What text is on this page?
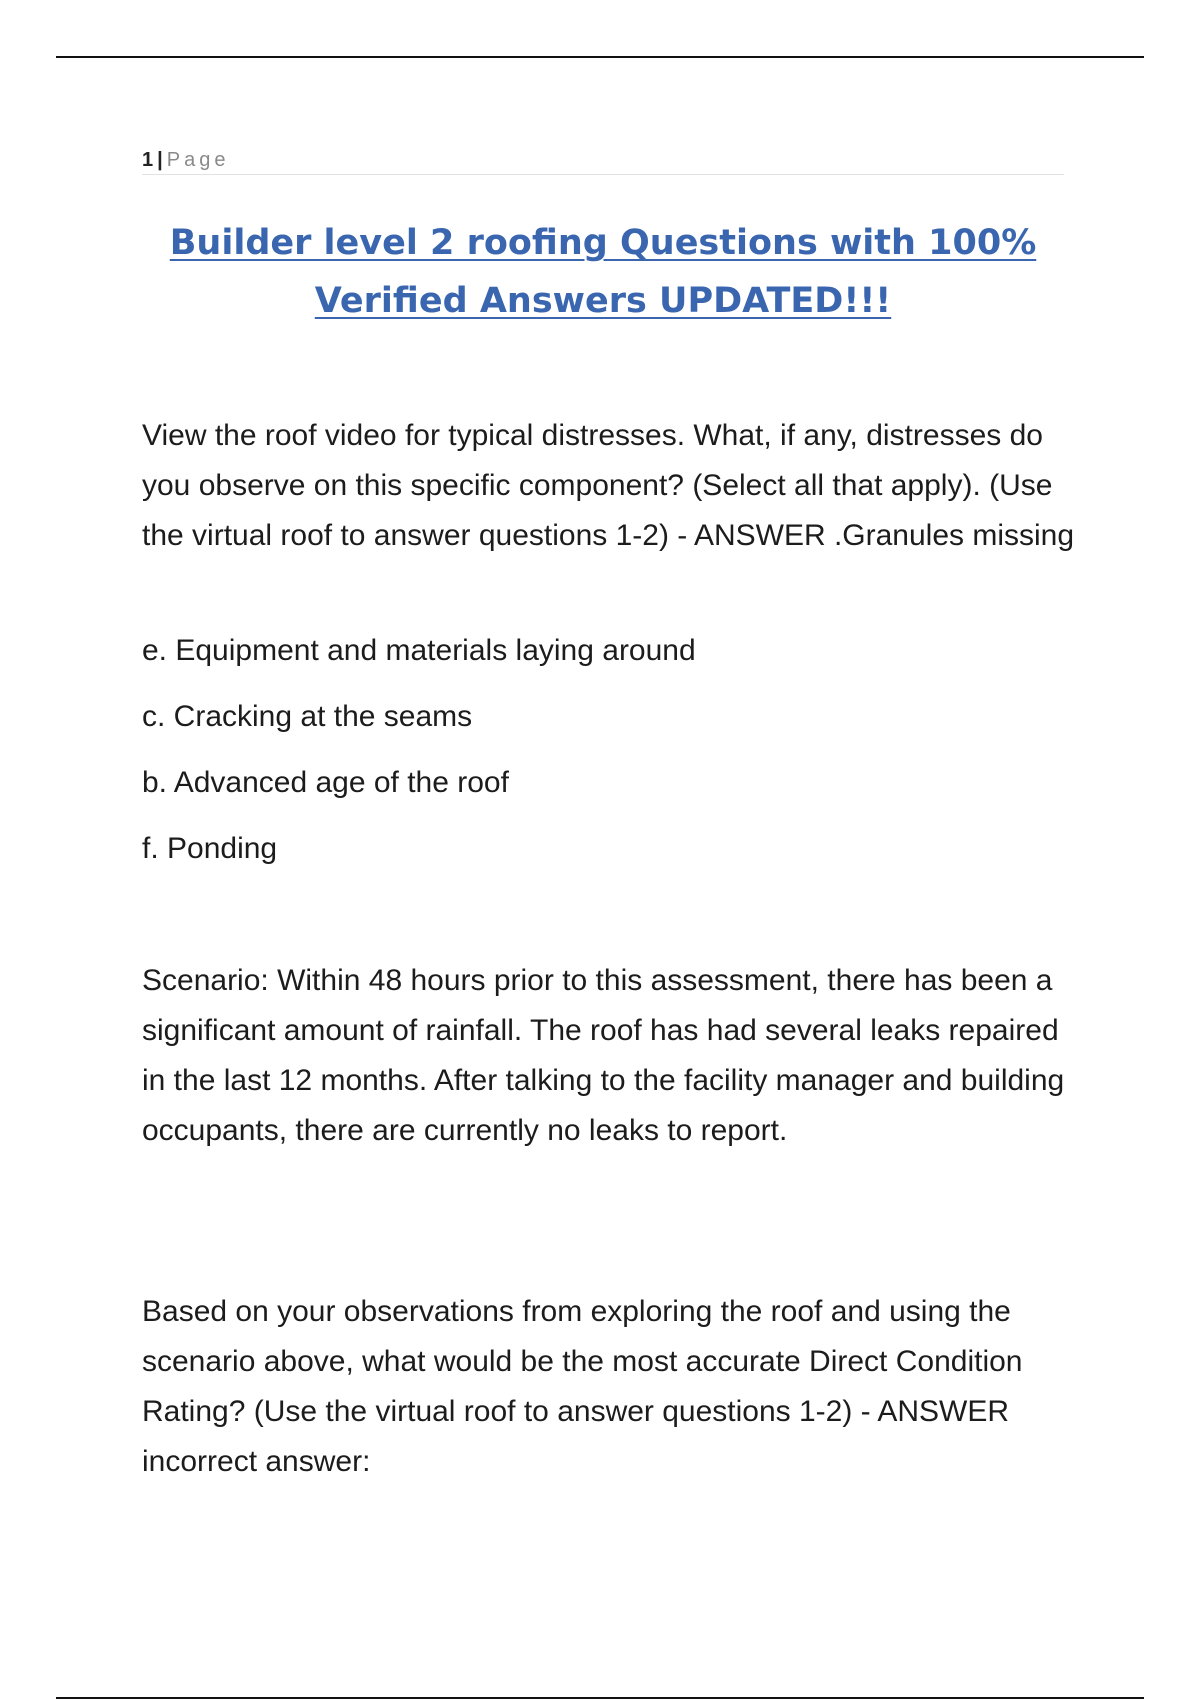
1 | Page
Builder level 2 roofing Questions with 100%
Verified Answers UPDATED!!!

View the roof video for typical distresses. What, if any, distresses do you observe on this specific component? (Select all that apply). (Use the virtual roof to answer questions 1-2) - ANSWER .Granules missing

e. Equipment and materials laying around
c. Cracking at the seams
b. Advanced age of the roof
f. Ponding

Scenario: Within 48 hours prior to this assessment, there has been a significant amount of rainfall. The roof has had several leaks repaired in the last 12 months. After talking to the facility manager and building occupants, there are currently no leaks to report.

Based on your observations from exploring the roof and using the scenario above, what would be the most accurate Direct Condition Rating? (Use the virtual roof to answer questions 1-2) - ANSWER incorrect answer:
